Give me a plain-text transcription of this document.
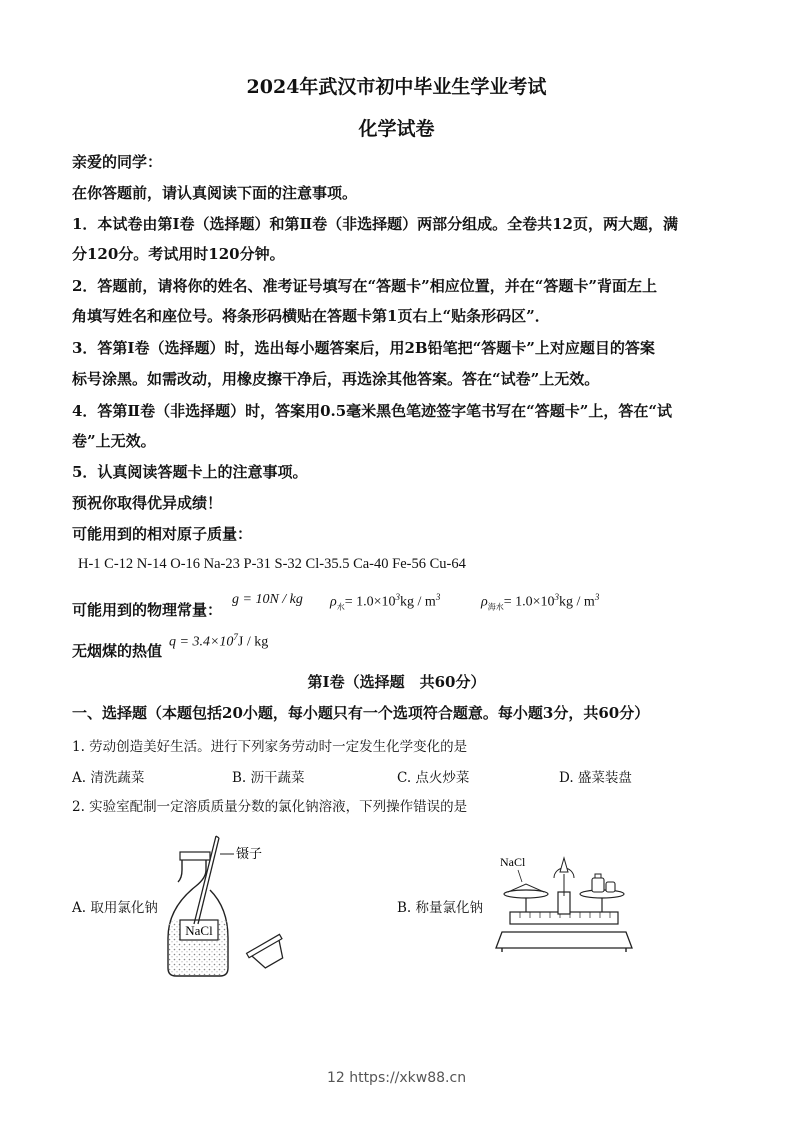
2024年武汉市初中毕业生学业考试
化学试卷
亲爱的同学：
在你答题前，请认真阅读下面的注意事项。
1．本试卷由第Ⅰ卷（选择题）和第Ⅱ卷（非选择题）两部分组成。全卷共12页，两大题，满
分120分。考试用时120分钟。
2．答题前，请将你的姓名、准考证号填写在“答题卡”相应位置，并在“答题卡”背面左上
角填写姓名和座位号。将条形码横贴在答题卡第1页右上“贴条形码区”．
3．答第Ⅰ卷（选择题）时，选出每小题答案后，用2B铅笔把“答题卡”上对应题目的答案
标号涂黑。如需改动，用橡皮擦干净后，再选涂其他答案。答在“试卷”上无效。
4．答第Ⅱ卷（非选择题）时，答案用0.5毫米黑色笔迹签字笔书写在“答题卡”上，答在“试
卷”上无效。
5．认真阅读答题卡上的注意事项。
预祝你取得优异成绩！
可能用到的相对原子质量：
H-1 C-12 N-14 O-16 Na-23 P-31 S-32 Cl-35.5 Ca-40 Fe-56 Cu-64
可能用到的物理常量：
g = 10N / kg $\rho_水= 1.0\times 10^3kg / m^3$	$\rho_{海水}= 1.0\times 10^3kg / m^3$
无烟煤的热值 $q = 3.4\times 10^7J$ / kg
第Ⅰ卷（选择题　共60分）
一、选择题（本题包括20小题，每小题只有一个选项符合题意。每小题3分，共60分）
1. 劳动创造美好生活。进行下列家务劳动时一定发生化学变化的是
A. 清洗蔬菜	B. 沥干蔬菜	C. 点火炒菜	D. 盛菜装盘
2. 实验室配制一定溶质质量分数的氯化钠溶液，下列操作错误的是
A. 取用氯化钠	B. 称量氯化钠
NaCl
镊子
NaCl
12 https://xkw88.cn
